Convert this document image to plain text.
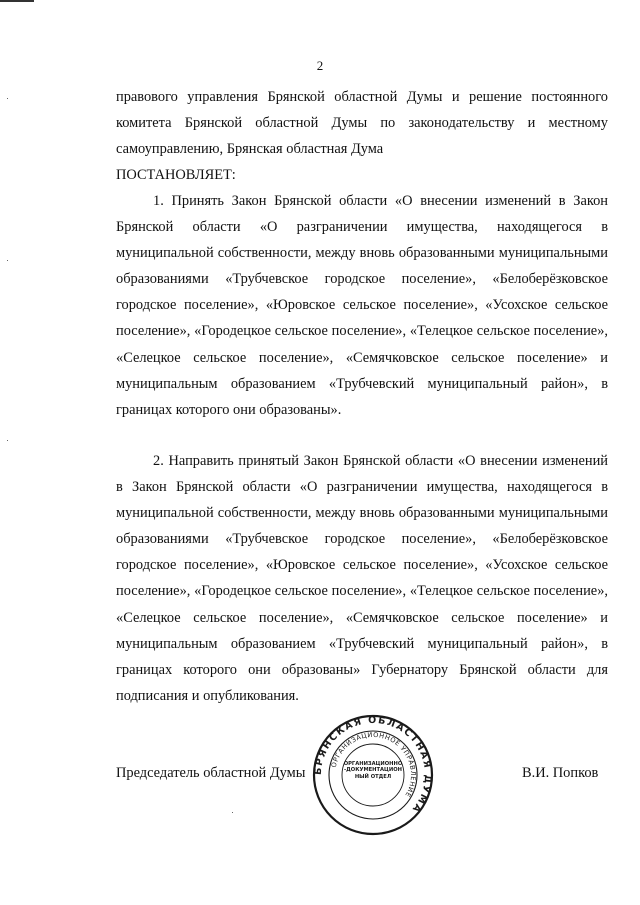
2

правового управления Брянской областной Думы и решение постоянного комитета Брянской областной Думы по законодательству и местному самоуправлению, Брянская областная Дума

ПОСТАНОВЛЯЕТ:

1. Принять Закон Брянской области «О внесении изменений в Закон Брянской области «О разграничении имущества, находящегося в муниципальной собственности, между вновь образованными муниципальными образованиями «Трубчевское городское поселение», «Белоберёзковское городское поселение», «Юровское сельское поселение», «Усохское сельское поселение», «Городецкое сельское поселение», «Телецкое сельское поселение», «Селецкое сельское поселение», «Семячковское сельское поселение» и муниципальным образованием «Трубчевский муниципальный район», в границах которого они образованы».

2. Направить принятый Закон Брянской области «О внесении изменений в Закон Брянской области «О разграничении имущества, находящегося в муниципальной собственности, между вновь образованными муниципальными образованиями «Трубчевское городское поселение», «Белоберёзковское городское поселение», «Юровское сельское поселение», «Усохское сельское поселение», «Городецкое сельское поселение», «Телецкое сельское поселение», «Селецкое сельское поселение», «Семячковское сельское поселение» и муниципальным образованием «Трубчевский муниципальный район», в границах которого они образованы» Губернатору Брянской области для подписания и опубликования.

Председатель областной Думы	В.И. Попков
БРЯНСКАЯ ОБЛАСТНАЯ ДУМА
ОРГАНИЗАЦИОННОЕ УПРАВЛЕНИЕ
ОРГАНИЗАЦИОННО-ДОКУМЕНТАЦИОННЫЙ ОТДЕЛ
